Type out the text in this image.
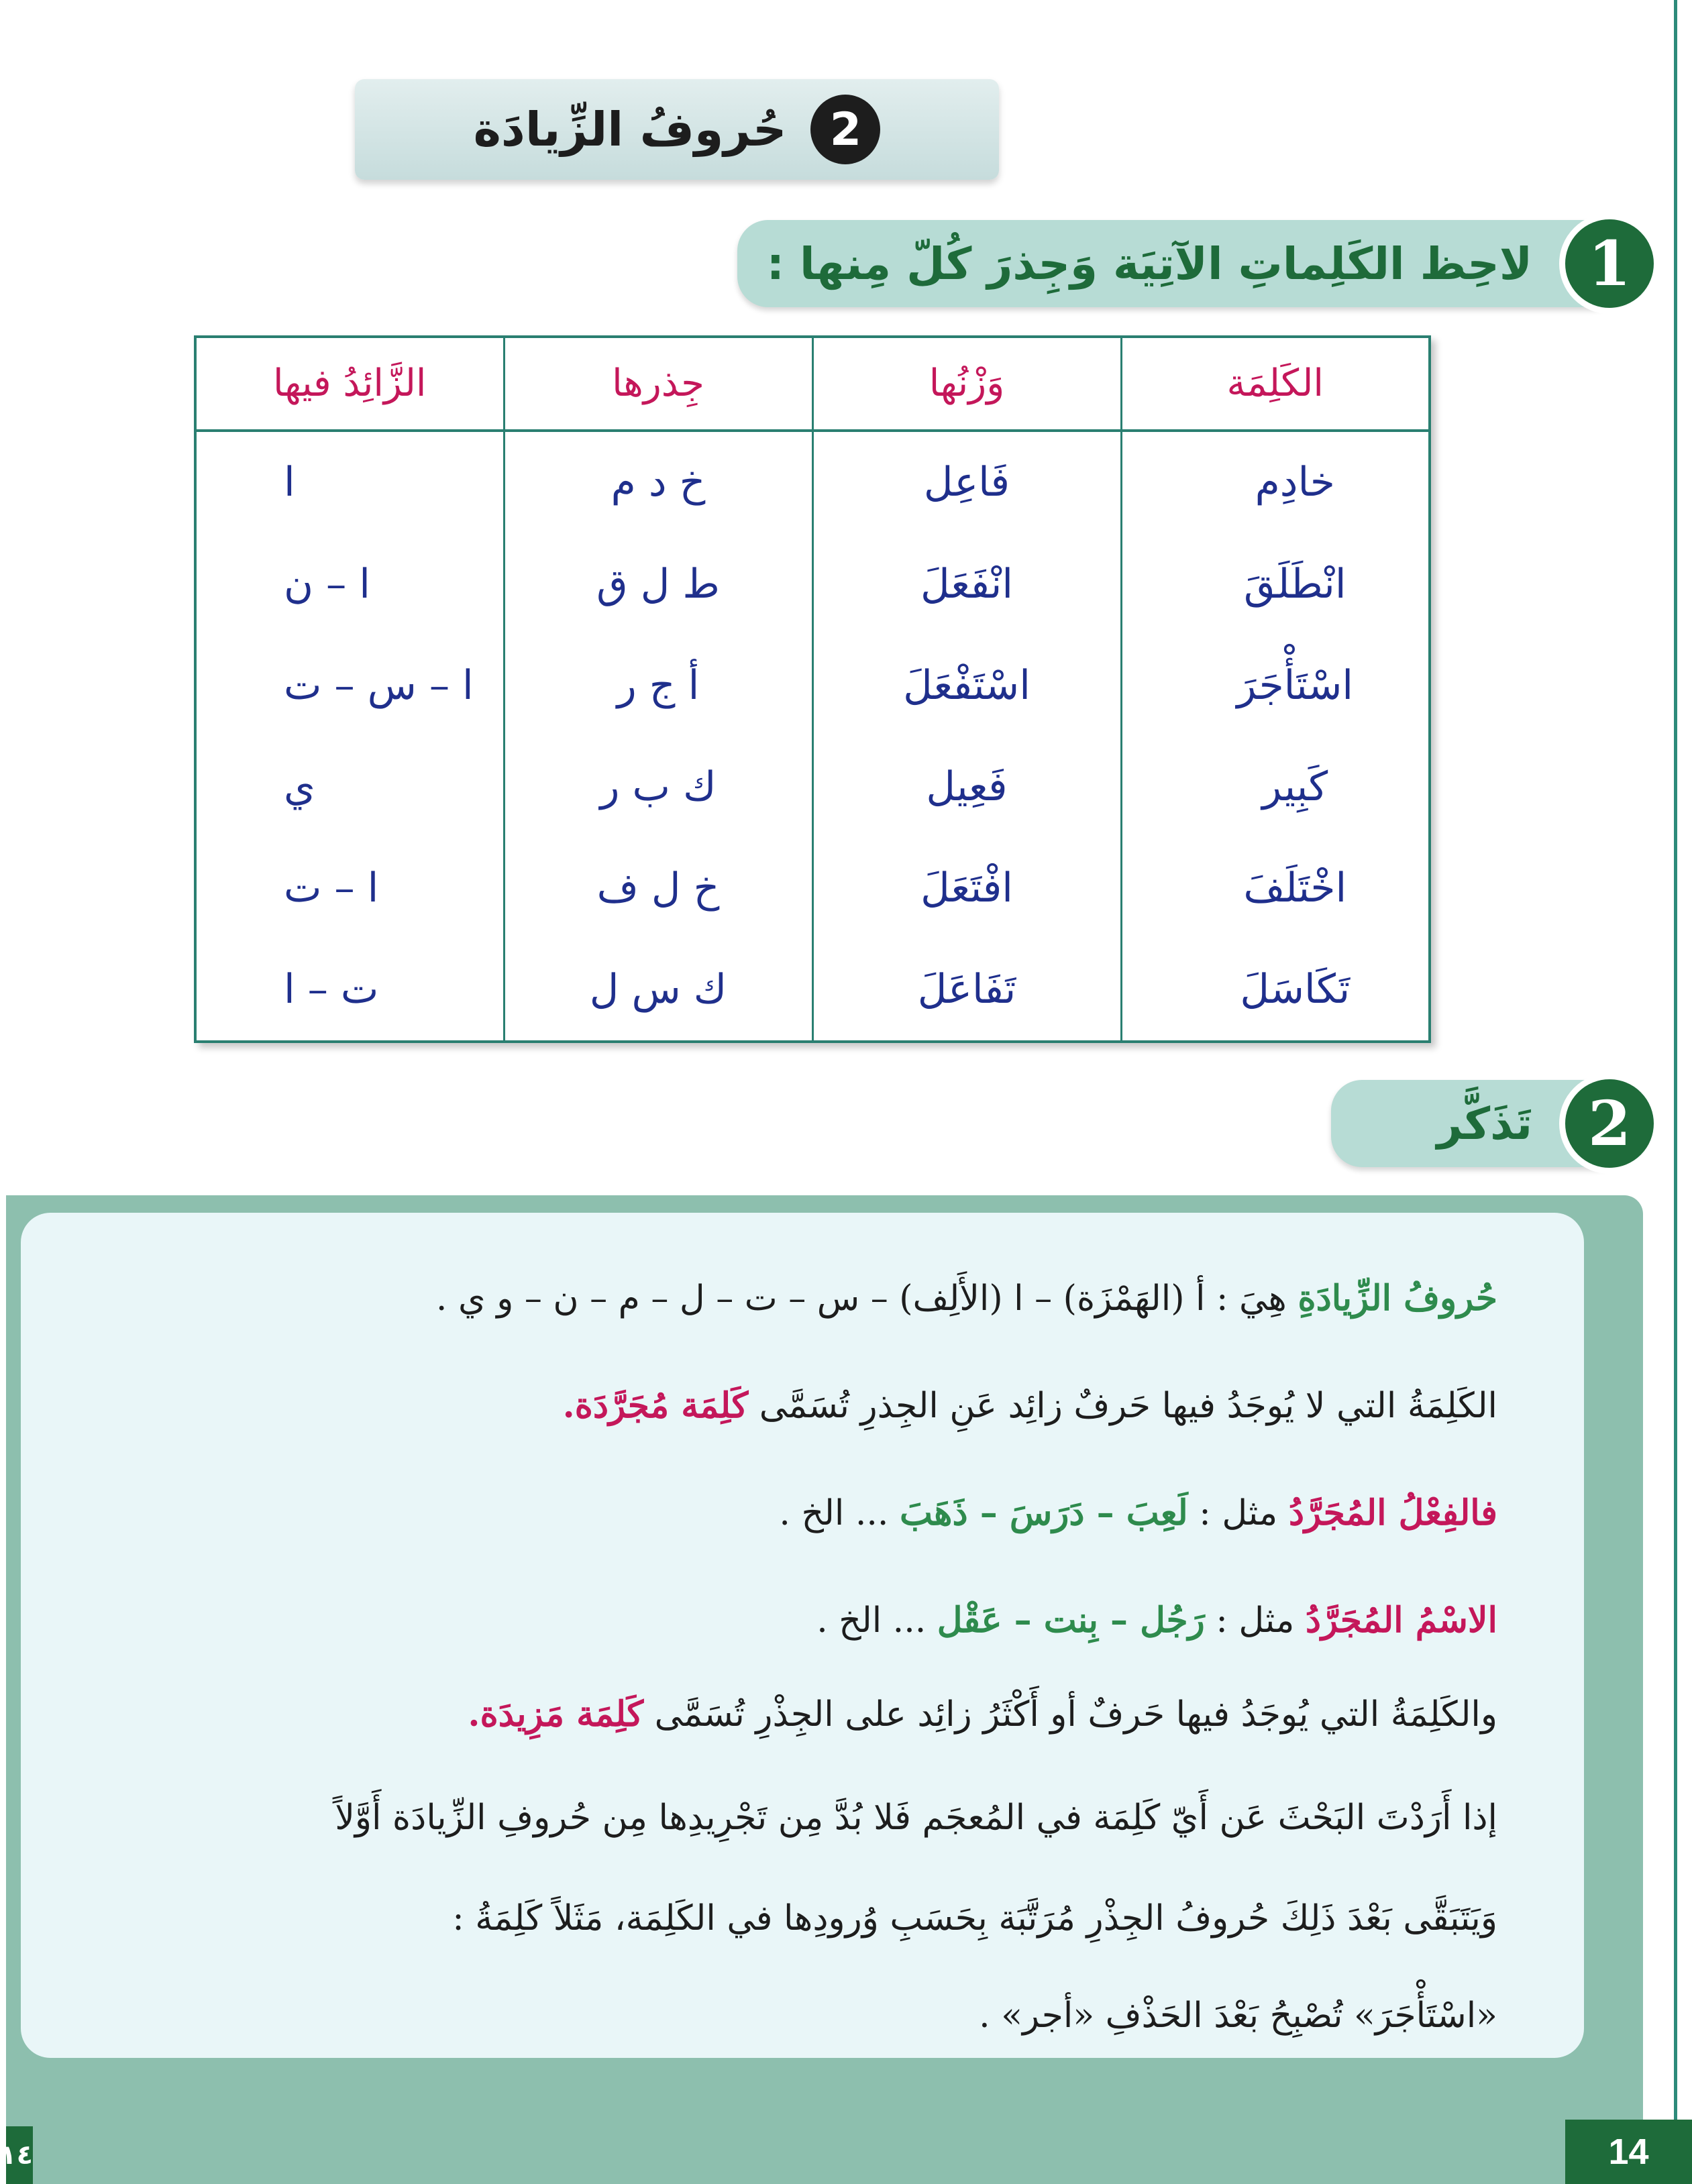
2
حُروفُ الزِّيادَة
لاحِظ الكَلِماتِ الآتِيَة وَجِذرَ كُلّ مِنها : 1
الكَلِمَة	وَزْنُها	جِذرها	الزَّائِدُ فيها
خادِم	فَاعِل	خ د م	ا
انْطَلَقَ	انْفَعَلَ	ط ل ق	ا – ن
اسْتَأْجَرَ	اسْتَفْعَلَ	أ ج ر	ا – س – ت
كَبِير	فَعِيل	ك ب ر	ي
اخْتَلَفَ	افْتَعَلَ	خ ل ف	ا – ت
تَكَاسَلَ	تَفَاعَلَ	ك س ل	ت – ا
تَذَكَّر 2
حُروفُ الزِّيادَةِ هِيَ : أ (الهَمْزَة) – ا (الأَلِف) – س – ت – ل – م – ن – و ي .
الكَلِمَةُ التي لا يُوجَدُ فيها حَرفٌ زائِد عَنِ الجِذرِ تُسَمَّى كَلِمَة مُجَرَّدَة.
فالفِعْلُ المُجَرَّدُ مثل : لَعِبَ – دَرَسَ – ذَهَبَ ... الخ .
الاسْمُ المُجَرَّدُ مثل : رَجُل – بِنت – عَقْل ... الخ .
والكَلِمَةُ التي يُوجَدُ فيها حَرفٌ أو أَكْثَرُ زائِد على الجِذْرِ تُسَمَّى كَلِمَة مَزِيدَة.
إذا أَرَدْتَ البَحْثَ عَن أَيّ كَلِمَة في المُعجَم فَلا بُدَّ مِن تَجْرِيدِها مِن حُروفِ الزِّيادَة أَوَّلاً
وَيَتَبَقَّى بَعْدَ ذَلِكَ حُروفُ الجِذْرِ مُرَتَّبَة بِحَسَبِ وُرودِها في الكَلِمَة، مَثَلاً كَلِمَةُ :
«اسْتَأْجَرَ» تُصْبِحُ بَعْدَ الحَذْفِ «أجر» .
14
١٤
